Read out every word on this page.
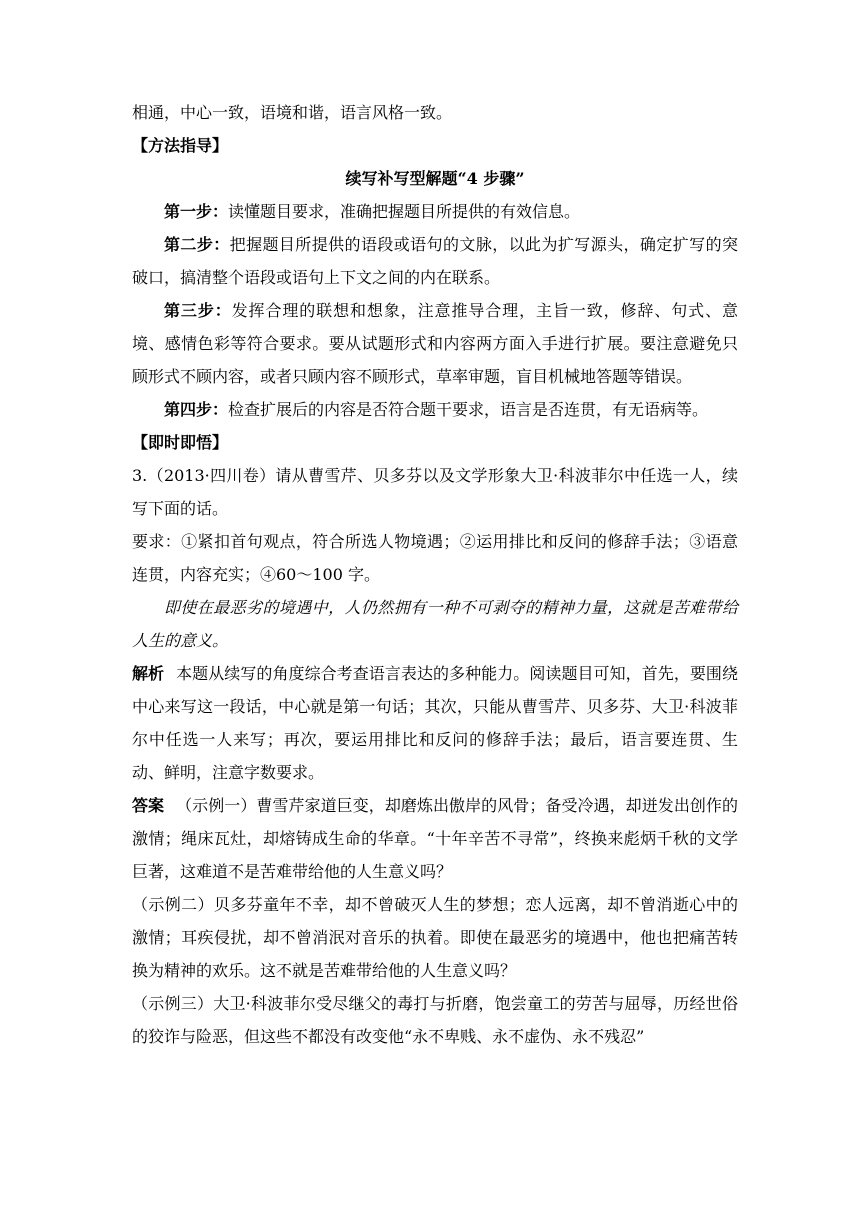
相通，中心一致，语境和谐，语言风格一致。

【方法指导】

续写补写型解题“4 步骤”

第一步：读懂题目要求，准确把握题目所提供的有效信息。

第二步：把握题目所提供的语段或语句的文脉，以此为扩写源头，确定扩写的突破口，搞清整个语段或语句上下文之间的内在联系。

第三步：发挥合理的联想和想象，注意推导合理，主旨一致，修辞、句式、意境、感情色彩等符合要求。要从试题形式和内容两方面入手进行扩展。要注意避免只顾形式不顾内容，或者只顾内容不顾形式，草率审题，盲目机械地答题等错误。

第四步：检查扩展后的内容是否符合题干要求，语言是否连贯，有无语病等。

【即时即悟】

3.（2013·四川卷）请从曹雪芹、贝多芬以及文学形象大卫·科波菲尔中任选一人，续写下面的话。

要求：①紧扣首句观点，符合所选人物境遇；②运用排比和反问的修辞手法；③语意连贯，内容充实；④60～100 字。

即使在最恶劣的境遇中，人仍然拥有一种不可剥夺的精神力量，这就是苦难带给人生的意义。

解析 本题从续写的角度综合考查语言表达的多种能力。阅读题目可知，首先，要围绕中心来写这一段话，中心就是第一句话；其次，只能从曹雪芹、贝多芬、大卫·科波菲尔中任选一人来写；再次，要运用排比和反问的修辞手法；最后，语言要连贯、生动、鲜明，注意字数要求。

答案 （示例一）曹雪芹家道巨变，却磨炼出傲岸的风骨；备受冷遇，却迸发出创作的激情；绳床瓦灶，却熔铸成生命的华章。“十年辛苦不寻常”，终换来彪炳千秋的文学巨著，这难道不是苦难带给他的人生意义吗？

（示例二）贝多芬童年不幸，却不曾破灭人生的梦想；恋人远离，却不曾消逝心中的激情；耳疾侵扰，却不曾消泯对音乐的执着。即使在最恶劣的境遇中，他也把痛苦转换为精神的欢乐。这不就是苦难带给他的人生意义吗？

（示例三）大卫·科波菲尔受尽继父的毒打与折磨，饱尝童工的劳苦与屈辱，历经世俗的狡诈与险恶，但这些不都没有改变他“永不卑贱、永不虚伪、永不残忍”
